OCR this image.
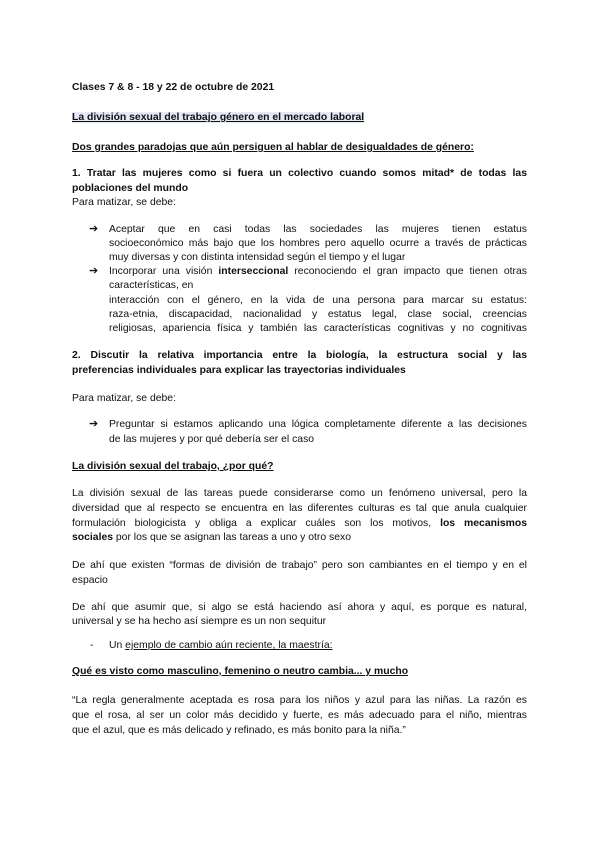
Clases 7 & 8 - 18 y 22 de octubre de 2021
La división sexual del trabajo género en el mercado laboral
Dos grandes paradojas que aún persiguen al hablar de desigualdades de género:
1. Tratar las mujeres como si fuera un colectivo cuando somos mitad* de todas las
poblaciones del mundo
Para matizar, se debe:
➔ Aceptar que en casi todas las sociedades las mujeres tienen estatus
socioeconómico más bajo que los hombres pero aquello ocurre a través de prácticas
muy diversas y con distinta intensidad según el tiempo y el lugar
➔ Incorporar una visión interseccional reconociendo el gran impacto que tienen otras
características, en
interacción con el género, en la vida de una persona para marcar su estatus:
raza-etnia, discapacidad, nacionalidad y estatus legal, clase social, creencias
religiosas, apariencia física y también las características cognitivas y no cognitivas
2. Discutir la relativa importancia entre la biología, la estructura social y las
preferencias individuales para explicar las trayectorias individuales
Para matizar, se debe:
➔ Preguntar si estamos aplicando una lógica completamente diferente a las decisiones
de las mujeres y por qué debería ser el caso
La división sexual del trabajo, ¿por qué?
La división sexual de las tareas puede considerarse como un fenómeno universal, pero la
diversidad que al respecto se encuentra en las diferentes culturas es tal que anula cualquier
formulación biologicista y obliga a explicar cuáles son los motivos, los mecanismos
sociales por los que se asignan las tareas a uno y otro sexo
De ahí que existen “formas de división de trabajo” pero son cambiantes en el tiempo y en el
espacio
De ahí que asumir que, si algo se está haciendo así ahora y aquí, es porque es natural,
universal y se ha hecho así siempre es un non sequitur
- Un ejemplo de cambio aún reciente, la maestría:
Qué es visto como masculino, femenino o neutro cambia... y mucho
“La regla generalmente aceptada es rosa para los niños y azul para las niñas. La razón es
que el rosa, al ser un color más decidido y fuerte, es más adecuado para el niño, mientras
que el azul, que es más delicado y refinado, es más bonito para la niña.”
